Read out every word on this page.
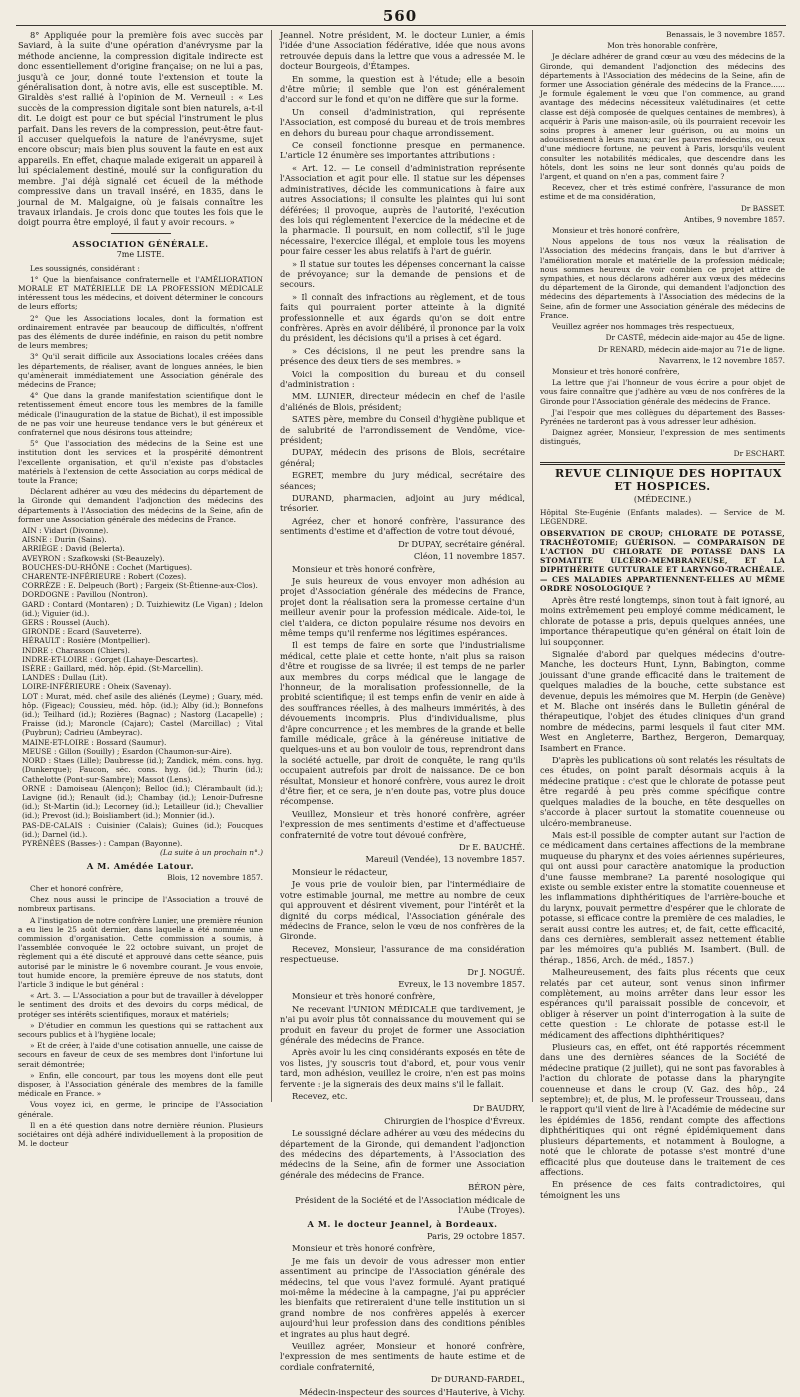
560

8° Appliquée pour la première fois avec succès par Saviard, à la suite d'une opération d'anévrysme par la méthode ancienne, la compression digitale indirecte est donc essentiellement d'origine française; on ne lui a pas, jusqu'à ce jour, donné toute l'extension et toute la généralisation dont, à notre avis, elle est susceptible. M. Giraldès s'est rallié à l'opinion de M. Verneuil : « Les succès de la compression digitale sont bien naturels, a-t-il dit. Le doigt est pour ce but spécial l'instrument le plus parfait. Dans les revers de la compression, peut-être faut-il accuser quelquefois la nature de l'anévrysme, sujet encore obscur; mais bien plus souvent la faute en est aux appareils. En effet, chaque malade exigerait un appareil à lui spécialement destiné, moulé sur la configuration du membre. J'ai déjà signalé cet écueil de la méthode compressive dans un travail inséré, en 1835, dans le journal de M. Malgaigne, où je faisais connaître les travaux irlandais. Je crois donc que toutes les fois que le doigt pourra être employé, il faut y avoir recours. »

ASSOCIATION GÉNÉRALE.

7me LISTE.

Les soussignés, considérant :

1° Que la bienfaisance confraternelle et l'AMÉLIORATION MORALE ET MATÉRIELLE DE LA PROFESSION MÉDICALE intéressent tous les médecins, et doivent déterminer le concours de leurs efforts;

2° Que les Associations locales, dont la formation est ordinairement entravée par beaucoup de difficultés, n'offrent pas des éléments de durée indéfinie, en raison du petit nombre de leurs membres;

3° Qu'il serait difficile aux Associations locales créées dans les départements, de réaliser, avant de longues années, le bien qu'amènerait immédiatement une Association générale des médecins de France;

4° Que dans la grande manifestation scientifique dont le retentissement émeut encore tous les membres de la famille médicale (l'inauguration de la statue de Bichat), il est impossible de ne pas voir une heureuse tendance vers le but généreux et confraternel que nous désirons tous atteindre;

5° Que l'association des médecins de la Seine est une institution dont les services et la prospérité démontrent l'excellente organisation, et qu'il n'existe pas d'obstacles matériels à l'extension de cette Association au corps médical de toute la France;

Déclarent adhérer au vœu des médecins du département de la Gironde qui demandent l'adjonction des médecins des départements à l'Association des médecins de la Seine, afin de former une Association générale des médecins de France.

AIN : Vidart (Divonne).

AISNE : Durin (Sains).

ARRIÈGE : David (Belerta).

AVEYRON : Szafkowski (St-Beauzely).

BOUCHES-DU-RHÔNE : Cochet (Martigues).

CHARENTE-INFÉRIEURE : Robert (Cozes).

CORRÈZE : E. Delpeuch (Bort) ; Fargeix (St-Étienne-aux-Clos).

DORDOGNE : Pavillou (Nontron).

GARD : Contard (Montaren) ; D. Tuizhiewitz (Le Vigan) ; Idelon (id.); Viguier (id.).

GERS : Roussel (Auch).

GIRONDE : Ecard (Sauveterre).

HÉRAULT : Rosière (Montpellier).

INDRE : Charasson (Chiers).

INDRE-ET-LOIRE : Gorget (Lahaye-Descartes).

ISÈRE : Gaillard, méd. hôp. épid. (St-Marcellin).

LANDES : Dullau (Lit).

LOIRE-INFÉRIEURE : Oheix (Savenay).

LOT : Murat, méd. chef asile des aliénés (Leyme) ; Guary, méd. hôp. (Figeac); Coussieu, méd. hôp. (id.); Alby (id.); Bonnefons (id.); Teilhard (id.); Rozières (Bagnac) ; Nastorg (Lacapelle) ; Fraisse (id.); Maroncle (Cajarc); Castel (Marcillac) ; Vital (Puybrun); Cadrieu (Ambeyrac).

MAINE-ET-LOIRE : Bossard (Saumur).

MEUSE : Gillon (Souilly) ; Esardon (Chaumon-sur-Aire).

NORD : Staes (Lille); Daubresse (id.); Zandick, mém. cons. hyg. (Dunkerque); Faucon, séc. cons. hyg. (id.); Thurin (id.); Cathelotte (Pont-sur-Sambre); Massot (Lens).

ORNE : Damoiseau (Alençon); Belloc (id.); Clérambault (id.); Lavigne (id.); Renault (id.); Chambay (id.); Lenoir-Dufresne (id.); St-Martin (id.); Lecorney (id.); Letailleur (id.); Chevallier (id.); Prevost (id.); Boisliambert (id.); Monnier (id.).

PAS-DE-CALAIS : Cuisinier (Calais); Guines (id.); Foucques (id.); Darnel (id.).

PYRÉNÉES (Basses-) : Campan (Bayonne).

(La suite à un prochain n°.)

A M. Amédée Latour.

Blois, 12 novembre 1857.

Cher et honoré confrère,

Chez nous aussi le principe de l'Association a trouvé de nombreux partisans.

A l'instigation de notre confrère Lunier, une première réunion a eu lieu le 25 août dernier, dans laquelle a été nommée une commission d'organisation. Cette commission a soumis, à l'assemblée convoquée le 22 octobre suivant, un projet de règlement qui a été discuté et approuvé dans cette séance, puis autorisé par le ministre le 6 novembre courant. Je vous envoie, tout humide encore, la première épreuve de nos statuts, dont l'article 3 indique le but général :

« Art. 3. — L'Association a pour but de travailler à développer le sentiment des droits et des devoirs du corps médical, de protéger ses intérêts scientifiques, moraux et matériels;

» D'étudier en commun les questions qui se rattachent aux secours publics et à l'hygiène locale;

» Et de créer, à l'aide d'une cotisation annuelle, une caisse de secours en faveur de ceux de ses membres dont l'infortune lui serait démontrée;

» Enfin, elle concourt, par tous les moyens dont elle peut disposer, à l'Association générale des membres de la famille médicale en France. »

Vous voyez ici, en germe, le principe de l'Association générale.

Il en a été question dans notre dernière réunion. Plusieurs sociétaires ont déjà adhéré individuellement à la proposition de M. le docteur

Jeannel. Notre président, M. le docteur Lunier, a émis l'idée d'une Association fédérative, idée que nous avons retrouvée depuis dans la lettre que vous a adressée M. le docteur Bourgeois, d'Étampes.

En somme, la question est à l'étude; elle a besoin d'être mûrie; il semble que l'on est généralement d'accord sur le fond et qu'on ne diffère que sur la forme.

Un conseil d'administration, qui représente l'Association, est composé du bureau et de trois membres en dehors du bureau pour chaque arrondissement.

Ce conseil fonctionne presque en permanence. L'article 12 énumère ses importantes attributions :

« Art. 12. — Le conseil d'administration représente l'Association et agit pour elle. Il statue sur les dépenses administratives, décide les communications à faire aux autres Associations; il consulte les plaintes qui lui sont déférées; il provoque, auprès de l'autorité, l'exécution des lois qui réglementent l'exercice de la médecine et de la pharmacie. Il poursuit, en nom collectif, s'il le juge nécessaire, l'exercice illégal, et emploie tous les moyens pour faire cesser les abus relatifs à l'art de guérir.

» Il statue sur toutes les dépenses concernant la caisse de prévoyance; sur la demande de pensions et de secours.

» Il connaît des infractions au règlement, et de tous faits qui pourraient porter atteinte à la dignité professionnelle et aux égards qu'on se doit entre confrères. Après en avoir délibéré, il prononce par la voix du président, les décisions qu'il a prises à cet égard.

» Ces décisions, il ne peut les prendre sans la présence des deux tiers de ses membres. »

Voici la composition du bureau et du conseil d'administration :

MM. LUNIER, directeur médecin en chef de l'asile d'aliénés de Blois, président;

SATES père, membre du Conseil d'hygiène publique et de salubrité de l'arrondissement de Vendôme, vice-président;

DUPAY, médecin des prisons de Blois, secrétaire général;

EGRET, membre du jury médical, secrétaire des séances;

DURAND, pharmacien, adjoint au jury médical, trésorier.

Agréez, cher et honoré confrère, l'assurance des sentiments d'estime et d'affection de votre tout dévoué,

Dr DUPAY, secrétaire général.

Cléon, 11 novembre 1857.

Monsieur et très honoré confrère,

Je suis heureux de vous envoyer mon adhésion au projet d'Association générale des médecins de France, projet dont la réalisation sera la promesse certaine d'un meilleur avenir pour la profession médicale. Aide-toi, le ciel t'aidera, ce dicton populaire résume nos devoirs en même temps qu'il renferme nos légitimes espérances.

Il est temps de faire en sorte que l'industrialisme médical, cette plaie et cette honte, n'ait plus sa raison d'être et rougisse de sa livrée; il est temps de ne parler aux membres du corps médical que le langage de l'honneur, de la moralisation professionnelle, de la probité scientifique; il est temps enfin de venir en aide à des souffrances réelles, à des malheurs immérités, à des dévouements incompris. Plus d'individualisme, plus d'âpre concurrence ; et les membres de la grande et belle famille médicale, grâce à la généreuse initiative de quelques-uns et au bon vouloir de tous, reprendront dans la société actuelle, par droit de conquête, le rang qu'ils occupaient autrefois par droit de naissance. De ce bon résultat, Monsieur et honoré confrère, vous aurez le droit d'être fier, et ce sera, je n'en doute pas, votre plus douce récompense.

Veuillez, Monsieur et très honoré confrère, agréer l'expression de mes sentiments d'estime et d'affectueuse confraternité de votre tout dévoué confrère,

Dr E. BAUCHÉ.

Mareuil (Vendée), 13 novembre 1857.

Monsieur le rédacteur,

Je vous prie de vouloir bien, par l'intermédiaire de votre estimable journal, me mettre au nombre de ceux qui approuvent et désirent vivement, pour l'intérêt et la dignité du corps médical, l'Association générale des médecins de France, selon le vœu de nos confrères de la Gironde.

Recevez, Monsieur, l'assurance de ma considération respectueuse.

Dr J. NOGUÉ.

Evreux, le 13 novembre 1857.

Monsieur et très honoré confrère,

Ne recevant l'UNION MÉDICALE que tardivement, je n'ai pu avoir plus tôt connaissance du mouvement qui se produit en faveur du projet de former une Association générale des médecins de France.

Après avoir lu les cinq considérants exposés en tête de vos listes, j'y souscris tout d'abord, et, pour vous venir tard, mon adhésion, veuillez le croire, n'en est pas moins fervente : je la signerais des deux mains s'il le fallait.

Recevez, etc.

Dr BAUDRY,

Chirurgien de l'hospice d'Évreux.

Le soussigné déclare adhérer au vœu des médecins du département de la Gironde, qui demandent l'adjonction des médecins des départements, à l'Association des médecins de la Seine, afin de former une Association générale des médecins de France.

BÉRON père,

Président de la Société et de l'Association médicale de l'Aube (Troyes).

A M. le docteur Jeannel, à Bordeaux.

Paris, 29 octobre 1857.

Monsieur et très honoré confrère,

Je me fais un devoir de vous adresser mon entier assentiment au principe de l'Association générale des médecins, tel que vous l'avez formulé. Ayant pratiqué moi-même la médecine à la campagne, j'ai pu apprécier les bienfaits que retireraient d'une telle institution un si grand nombre de nos confrères appelés à exercer aujourd'hui leur profession dans des conditions pénibles et ingrates au plus haut degré.

Veuillez agréer, Monsieur et honoré confrère, l'expression de mes sentiments de haute estime et de cordiale confraternité,

Dr DURAND-FARDEL,

Médecin-inspecteur des sources d'Hauterive, à Vichy.

Benassais, le 3 novembre 1857.

Mon très honorable confrère,

Je déclare adhérer de grand cœur au vœu des médecins de la Gironde, qui demandent l'adjonction des médecins des départements à l'Association des médecins de la Seine, afin de former une Association générale des médecins de la France...... Je formule également le vœu que l'on commence, au grand avantage des médecins nécessiteux valétudinaires (et cette classe est déjà composée de quelques centaines de membres), à acquérir à Paris une maison-asile, où ils pourraient recevoir les soins propres à amener leur guérison, ou au moins un adoucissement à leurs maux; car les pauvres médecins, ou ceux d'une médiocre fortune, ne peuvent à Paris, lorsqu'ils veulent consulter les notabilités médicales, que descendre dans les hôtels, dont les soins ne leur sont donnés qu'au poids de l'argent, et quand on n'en a pas, comment faire ?

Recevez, cher et très estimé confrère, l'assurance de mon estime et de ma considération,

Dr BASSET.

Antibes, 9 novembre 1857.

Monsieur et très honoré confrère,

Nous appelons de tous nos vœux la réalisation de l'Association des médecins français, dans le but d'arriver à l'amélioration morale et matérielle de la profession médicale; nous sommes heureux de voir combien ce projet attire de sympathies, et nous déclarons adhérer aux vœux des médecins du département de la Gironde, qui demandent l'adjonction des médecins des départements à l'Association des médecins de la Seine, afin de former une Association générale des médecins de France.

Veuillez agréer nos hommages très respectueux,

Dr CASTÉ, médecin aide-major au 45e de ligne.

Dr RENARD, médecin aide-major au 71e de ligne.

Navarrenx, le 12 novembre 1857.

Monsieur et très honoré confrère,

La lettre que j'ai l'honneur de vous écrire a pour objet de vous faire connaître que j'adhère au vœu de nos confrères de la Gironde pour l'Association générale des médecins de France.

J'ai l'espoir que mes collègues du département des Basses-Pyrénées ne tarderont pas à vous adresser leur adhésion.

Daignez agréer, Monsieur, l'expression de mes sentiments distingués,

Dr ESCHART.

REVUE CLINIQUE DES HOPITAUX ET HOSPICES.

(MÉDECINE.)

Hôpital Ste-Eugénie (Enfants malades). — Service de M. LEGENDRE.

OBSERVATION DE CROUP; CHLORATE DE POTASSE, TRACHÉOTOMIE; GUÉRISON. — COMPARAISON DE L'ACTION DU CHLORATE DE POTASSE DANS LA STOMATITE ULCÉRO-MEMBRANEUSE, ET LA DIPHTHÉRITE GUTTURALE ET LARYNGO-TRACHÉALE. — CES MALADIES APPARTIENNENT-ELLES AU MÊME ORDRE NOSOLOGIQUE ?

Après être resté longtemps, sinon tout à fait ignoré, au moins extrêmement peu employé comme médicament, le chlorate de potasse a pris, depuis quelques années, une importance thérapeutique qu'en général on était loin de lui soupçonner.

Signalée d'abord par quelques médecins d'outre-Manche, les docteurs Hunt, Lynn, Babington, comme jouissant d'une grande efficacité dans le traitement de quelques maladies de la bouche, cette substance est devenue, depuis les mémoires que M. Herpin (de Genève) et M. Blache ont insérés dans le Bulletin général de thérapeutique, l'objet des études cliniques d'un grand nombre de médecins, parmi lesquels il faut citer MM. West en Angleterre, Barthez, Bergeron, Demarquay, Isambert en France.

D'après les publications où sont relatés les résultats de ces études, on point paraît désormais acquis à la médecine pratique : c'est que le chlorate de potasse peut être regardé à peu près comme spécifique contre quelques maladies de la bouche, en tête desquelles on s'accorde à placer surtout la stomatite couenneuse ou ulcéro-membraneuse.

Mais est-il possible de compter autant sur l'action de ce médicament dans certaines affections de la membrane muqueuse du pharynx et des voies aériennes supérieures, qui ont aussi pour caractère anatomique la production d'une fausse membrane? La parenté nosologique qui existe ou semble exister entre la stomatite couenneuse et les inflammations diphthéritiques de l'arrière-bouche et du larynx, pouvait permettre d'espérer que le chlorate de potasse, si efficace contre la première de ces maladies, le serait aussi contre les autres; et, de fait, cette efficacité, dans ces dernières, semblerait assez nettement établie par les mémoires qu'a publiés M. Isambert. (Bull. de thérap., 1856, Arch. de méd., 1857.)

Malheureusement, des faits plus récents que ceux relatés par cet auteur, sont venus sinon infirmer complètement, au moins arrêter dans leur essor les espérances qu'il paraissait possible de concevoir, et obliger à réserver un point d'interrogation à la suite de cette question : Le chlorate de potasse est-il le médicament des affections diphthéritiques?

Plusieurs cas, en effet, ont été rapportés récemment dans une des dernières séances de la Société de médecine pratique (2 juillet), qui ne sont pas favorables à l'action du chlorate de potasse dans la pharyngite couenneuse et dans le croup (V. Gaz. des hôp., 24 septembre); et, de plus, M. le professeur Trousseau, dans le rapport qu'il vient de lire à l'Académie de médecine sur les épidémies de 1856, rendant compte des affections diphthéritiques qui ont régné épidémiquement dans plusieurs départements, et notamment à Boulogne, a noté que le chlorate de potasse s'est montré d'une efficacité plus que douteuse dans le traitement de ces affections.

En présence de ces faits contradictoires, qui témoignent les uns
